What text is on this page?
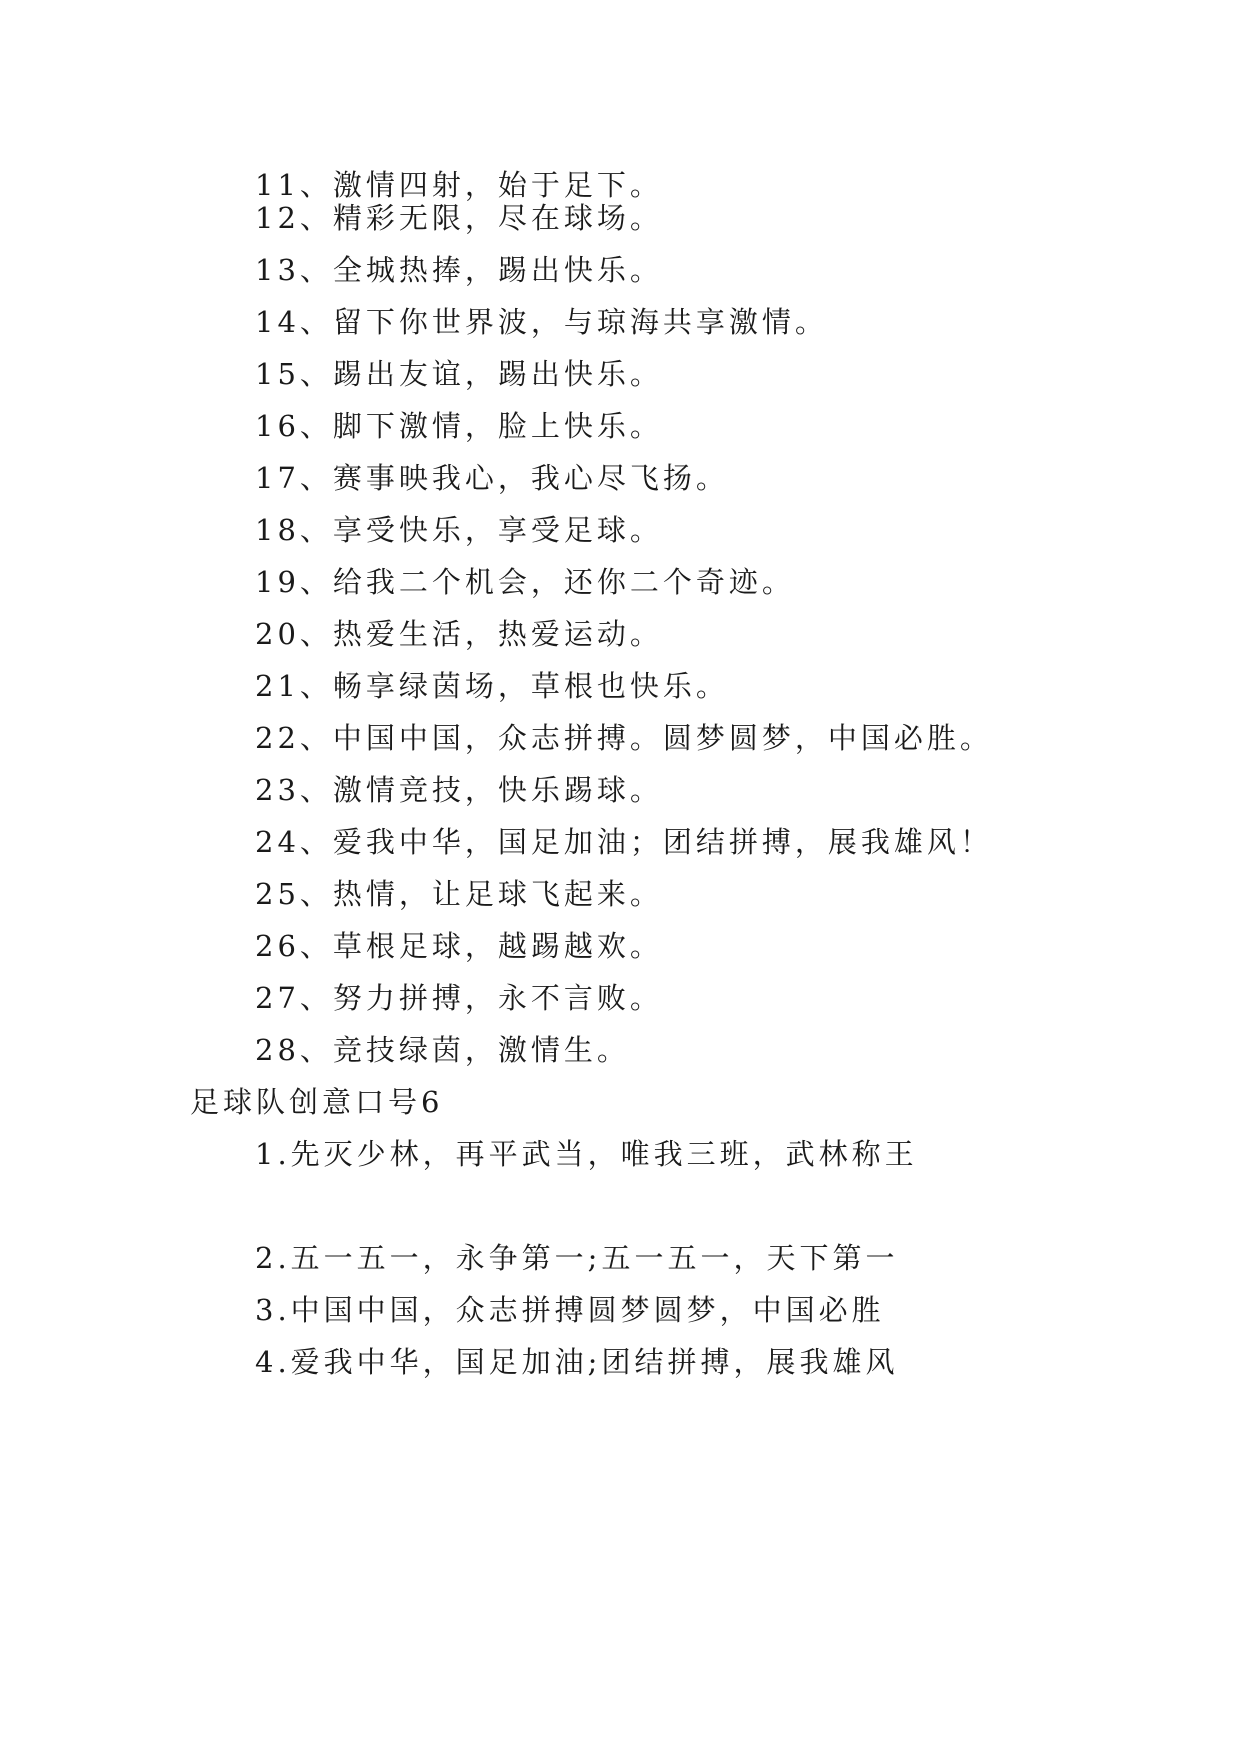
11、激情四射，始于足下。
12、精彩无限，尽在球场。
13、全城热捧，踢出快乐。
14、留下你世界波，与琼海共享激情。
15、踢出友谊，踢出快乐。
16、脚下激情，脸上快乐。
17、赛事映我心，我心尽飞扬。
18、享受快乐，享受足球。
19、给我二个机会，还你二个奇迹。
20、热爱生活，热爱运动。
21、畅享绿茵场，草根也快乐。
22、中国中国，众志拼搏。圆梦圆梦，中国必胜。
23、激情竞技，快乐踢球。
24、爱我中华，国足加油；团结拼搏，展我雄风！
25、热情，让足球飞起来。
26、草根足球，越踢越欢。
27、努力拼搏，永不言败。
28、竞技绿茵，激情生。
足球队创意口号6
1.先灭少林，再平武当，唯我三班，武林称王
2.五一五一，永争第一;五一五一，天下第一
3.中国中国，众志拼搏圆梦圆梦，中国必胜
4.爱我中华，国足加油;团结拼搏，展我雄风
